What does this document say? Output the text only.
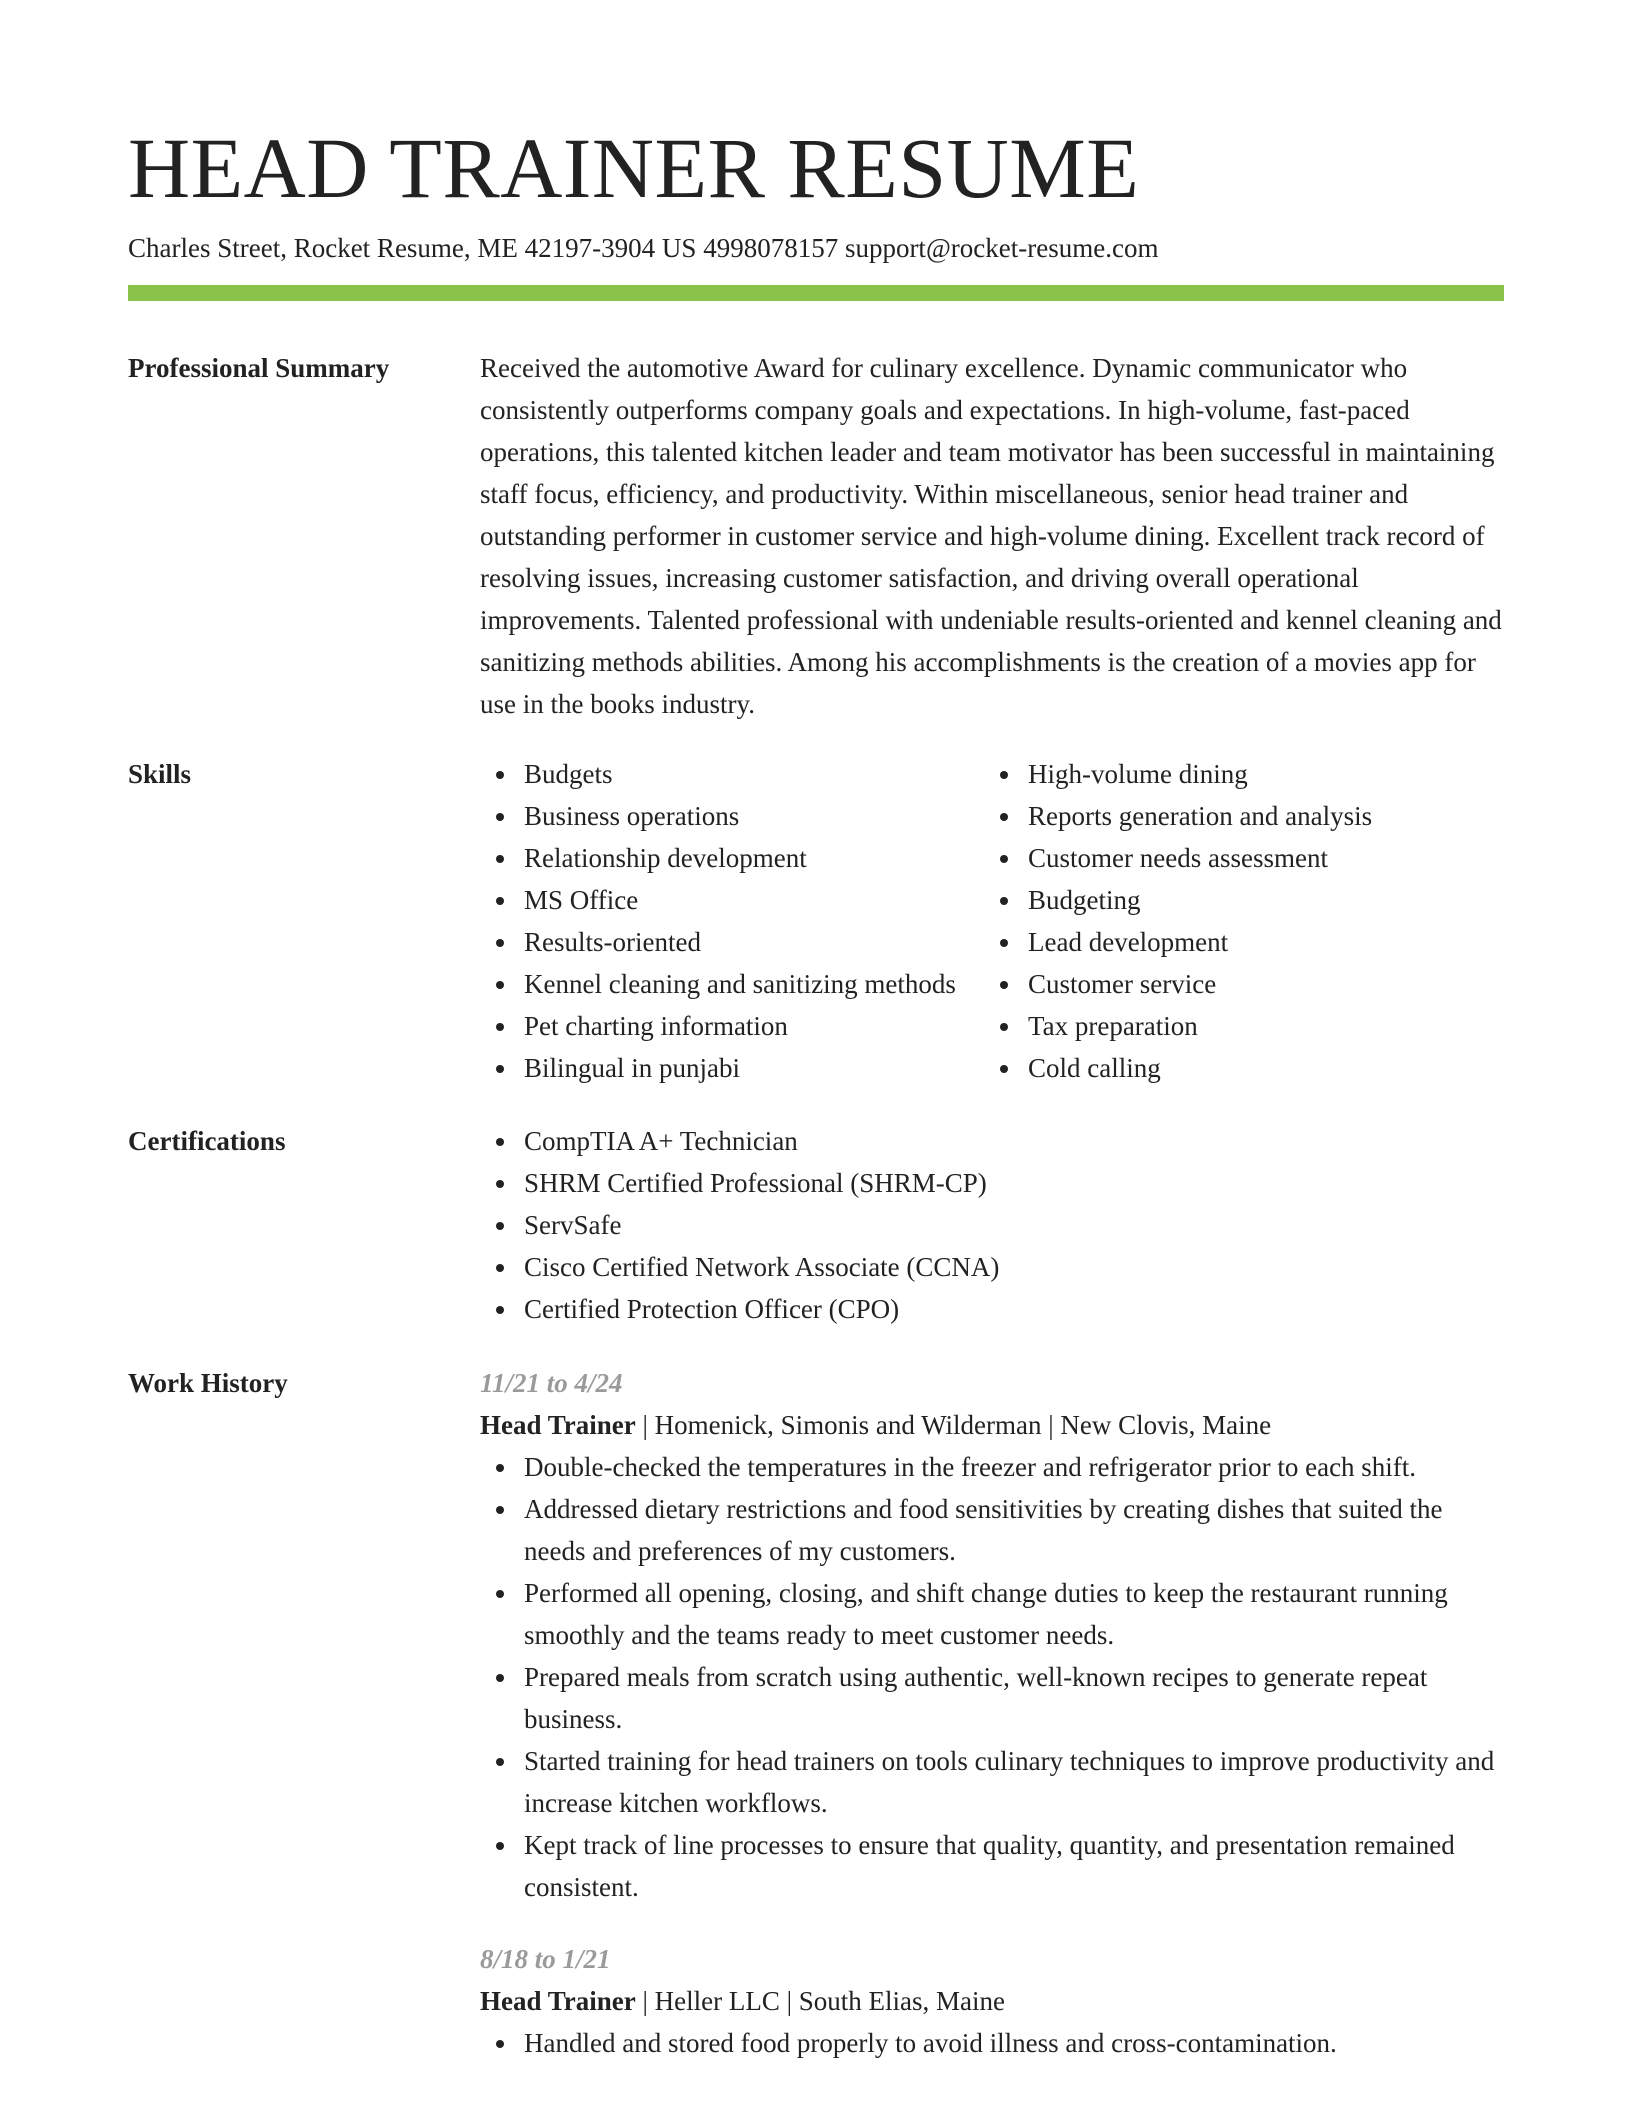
HEAD TRAINER RESUME
Charles Street, Rocket Resume, ME 42197-3904 US 4998078157 support@rocket-resume.com
Professional Summary	Received the automotive Award for culinary excellence. Dynamic communicator who consistently outperforms company goals and expectations. In high-volume, fast-paced operations, this talented kitchen leader and team motivator has been successful in maintaining staff focus, efficiency, and productivity. Within miscellaneous, senior head trainer and outstanding performer in customer service and high-volume dining. Excellent track record of resolving issues, increasing customer satisfaction, and driving overall operational improvements. Talented professional with undeniable results-oriented and kennel cleaning and sanitizing methods abilities. Among his accomplishments is the creation of a movies app for use in the books industry.

Skills	Budgets
Business operations
Relationship development
MS Office
Results-oriented
Kennel cleaning and sanitizing methods
Pet charting information
Bilingual in punjabi
High-volume dining
Reports generation and analysis
Customer needs assessment
Budgeting
Lead development
Customer service
Tax preparation
Cold calling
Certifications	CompTIA A+ Technician
SHRM Certified Professional (SHRM-CP)
ServSafe
Cisco Certified Network Associate (CCNA)
Certified Protection Officer (CPO)
Work History	11/21 to 4/24
Head Trainer | Homenick, Simonis and Wilderman | New Clovis, Maine
Double-checked the temperatures in the freezer and refrigerator prior to each shift.
Addressed dietary restrictions and food sensitivities by creating dishes that suited the needs and preferences of my customers.
Performed all opening, closing, and shift change duties to keep the restaurant running smoothly and the teams ready to meet customer needs.
Prepared meals from scratch using authentic, well-known recipes to generate repeat business.
Started training for head trainers on tools culinary techniques to improve productivity and increase kitchen workflows.
Kept track of line processes to ensure that quality, quantity, and presentation remained consistent.
8/18 to 1/21
Head Trainer | Heller LLC | South Elias, Maine
Handled and stored food properly to avoid illness and cross-contamination.
